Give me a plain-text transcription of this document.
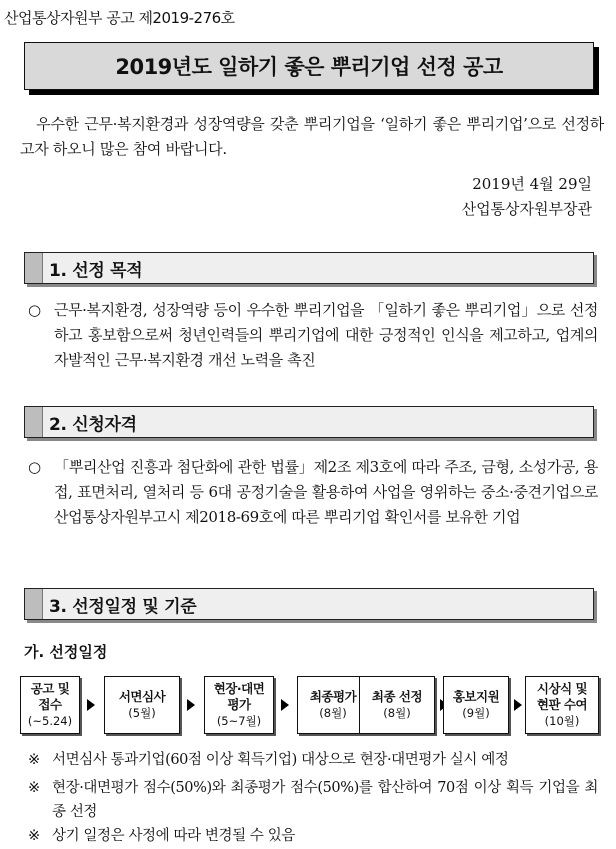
산업통상자원부 공고 제2019-276호
2019년도 일하기 좋은 뿌리기업 선정 공고
우수한 근무·복지환경과 성장역량을 갖춘 뿌리기업을 ‘일하기 좋은 뿌리기업’으로 선정하고자 하오니 많은 참여 바랍니다.
2019년 4월 29일
산업통상자원부장관
1. 선정 목적
○ 근무·복지환경, 성장역량 등이 우수한 뿌리기업을 「일하기 좋은 뿌리기업」으로 선정하고 홍보함으로써 청년인력들의 뿌리기업에 대한 긍정적인 인식을 제고하고, 업계의 자발적인 근무·복지환경 개선 노력을 촉진
2. 신청자격
○ 「뿌리산업 진흥과 첨단화에 관한 법률」제2조 제3호에 따라 주조, 금형, 소성가공, 용접, 표면처리, 열처리 등 6대 공정기술을 활용하여 사업을 영위하는 중소·중견기업으로 산업통상자원부고시 제2018-69호에 따른 뿌리기업 확인서를 보유한 기업
3. 선정일정 및 기준
가. 선정일정
공고 및
접수
(~5.24)
서면심사
(5월)
현장·대면
평가
(5~7월)
최종평가
(8월)
최종 선정
(8월)
홍보지원
(9월)
시상식 및
현판 수여
(10월)
※ 서면심사 통과기업(60점 이상 획득기업) 대상으로 현장·대면평가 실시 예정
※ 현장·대면평가 점수(50%)와 최종평가 점수(50%)를 합산하여 70점 이상 획득 기업을 최종 선정
※ 상기 일정은 사정에 따라 변경될 수 있음
